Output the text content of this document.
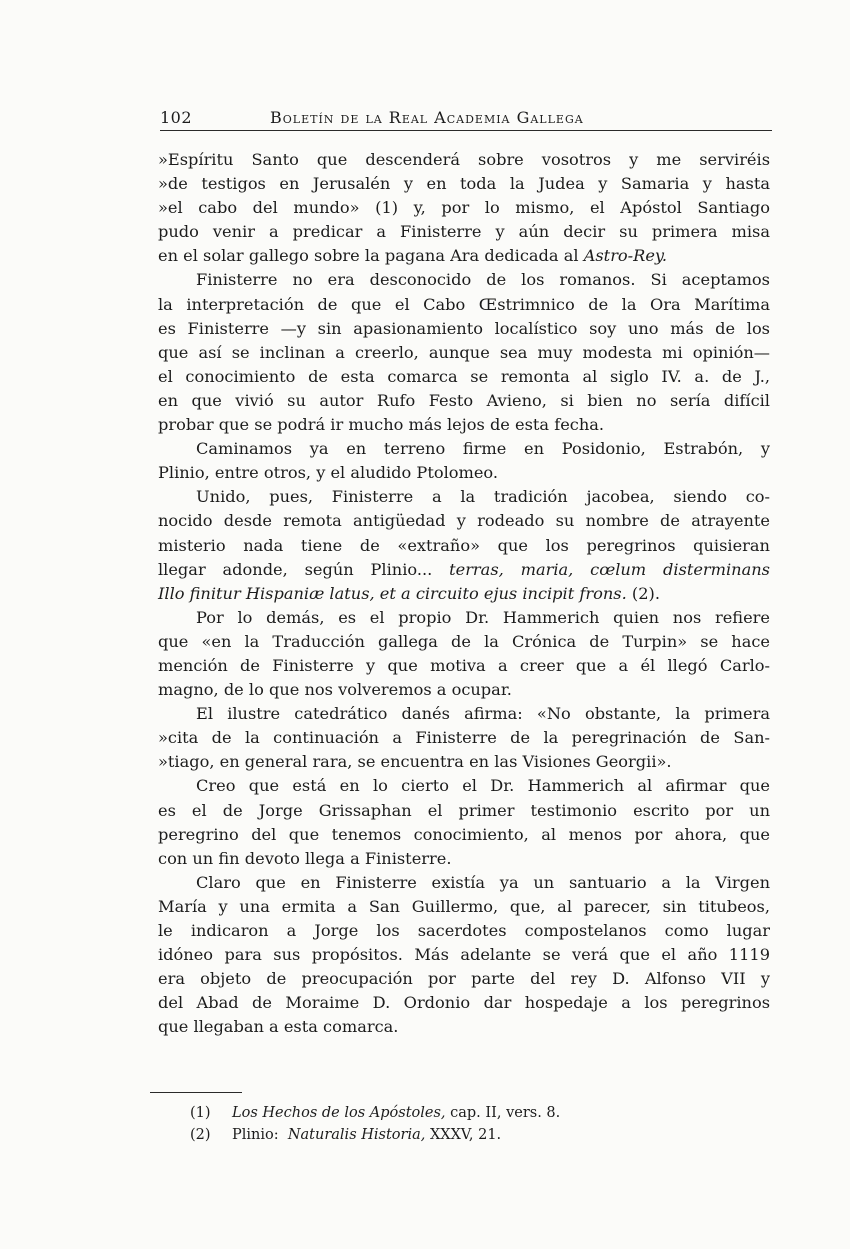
102	Boletín de la Real Academia Gallega
»Espíritu Santo que descenderá sobre vosotros y me serviréis
»de testigos en Jerusalén y en toda la Judea y Samaria y hasta
»el cabo del mundo» (1) y, por lo mismo, el Apóstol Santiago
pudo venir a predicar a Finisterre y aún decir su primera misa
en el solar gallego sobre la pagana Ara dedicada al Astro-Rey.
Finisterre no era desconocido de los romanos. Si aceptamos
la interpretación de que el Cabo Œstrimnico de la Ora Marítima
es Finisterre —y sin apasionamiento localístico soy uno más de los
que así se inclinan a creerlo, aunque sea muy modesta mi opinión—
el conocimiento de esta comarca se remonta al siglo IV. a. de J.,
en que vivió su autor Rufo Festo Avieno, si bien no sería difícil
probar que se podrá ir mucho más lejos de esta fecha.
Caminamos ya en terreno firme en Posidonio, Estrabón, y
Plinio, entre otros, y el aludido Ptolomeo.
Unido, pues, Finisterre a la tradición jacobea, siendo co-
nocido desde remota antigüedad y rodeado su nombre de atrayente
misterio nada tiene de «extraño» que los peregrinos quisieran
llegar adonde, según Plinio... terras, maria, cœlum disterminans
Illo finitur Hispaniæ latus, et a circuito ejus incipit frons. (2).
Por lo demás, es el propio Dr. Hammerich quien nos refiere
que «en la Traducción gallega de la Crónica de Turpin» se hace
mención de Finisterre y que motiva a creer que a él llegó Carlo-
magno, de lo que nos volveremos a ocupar.
El ilustre catedrático danés afirma: «No obstante, la primera
»cita de la continuación a Finisterre de la peregrinación de San-
»tiago, en general rara, se encuentra en las Visiones Georgii».
Creo que está en lo cierto el Dr. Hammerich al afirmar que
es el de Jorge Grissaphan el primer testimonio escrito por un
peregrino del que tenemos conocimiento, al menos por ahora, que
con un fin devoto llega a Finisterre.
Claro que en Finisterre existía ya un santuario a la Virgen
María y una ermita a San Guillermo, que, al parecer, sin titubeos,
le indicaron a Jorge los sacerdotes compostelanos como lugar
idóneo para sus propósitos. Más adelante se verá que el año 1119
era objeto de preocupación por parte del rey D. Alfonso VII y
del Abad de Moraime D. Ordonio dar hospedaje a los peregrinos
que llegaban a esta comarca.
(1) Los Hechos de los Apóstoles, cap. II, vers. 8.
(2) Plinio: Naturalis Historia, XXXV, 21.
